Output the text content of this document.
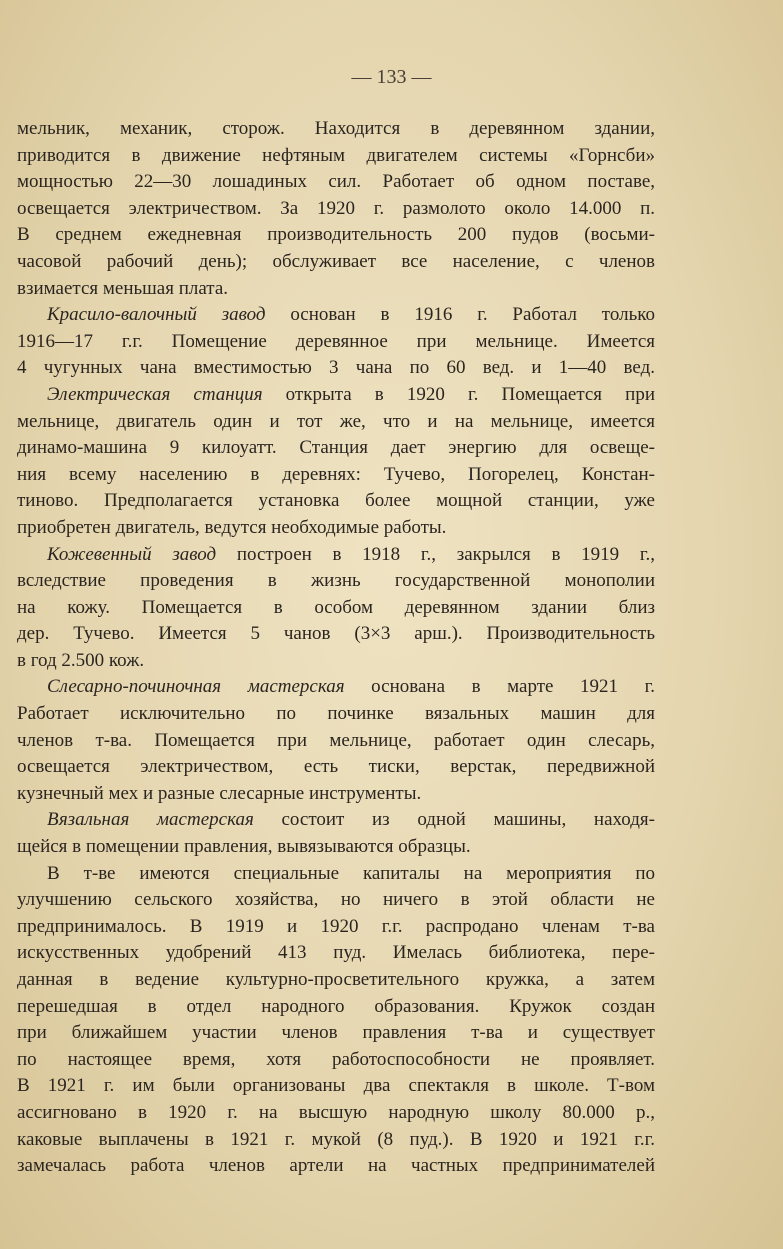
— 133 —
мельник, механик, сторож. Находится в деревянном здании,
приводится в движение нефтяным двигателем системы «Горнсби»
мощностью 22—30 лошадиных сил. Работает об одном поставе,
освещается электричеством. За 1920 г. размолото около 14.000 п.
В среднем ежедневная производительность 200 пудов (восьми-
часовой рабочий день); обслуживает все население, с членов
взимается меньшая плата.
Красило-валочный завод основан в 1916 г. Работал только
1916—17 г.г. Помещение деревянное при мельнице. Имеется
4 чугунных чана вместимостью 3 чана по 60 вед. и 1—40 вед.
Электрическая станция открыта в 1920 г. Помещается при
мельнице, двигатель один и тот же, что и на мельнице, имеется
динамо-машина 9 килоуатт. Станция дает энергию для освеще-
ния всему населению в деревнях: Тучево, Погорелец, Констан-
тиново. Предполагается установка более мощной станции, уже
приобретен двигатель, ведутся необходимые работы.
Кожевенный завод построен в 1918 г., закрылся в 1919 г.,
вследствие проведения в жизнь государственной монополии
на кожу. Помещается в особом деревянном здании близ
дер. Тучево. Имеется 5 чанов (3×3 арш.). Производительность
в год 2.500 кож.
Слесарно-починочная мастерская основана в марте 1921 г.
Работает исключительно по починке вязальных машин для
членов т-ва. Помещается при мельнице, работает один слесарь,
освещается электричеством, есть тиски, верстак, передвижной
кузнечный мех и разные слесарные инструменты.
Вязальная мастерская состоит из одной машины, находя-
щейся в помещении правления, вывязываются образцы.
В т-ве имеются специальные капиталы на мероприятия по
улучшению сельского хозяйства, но ничего в этой области не
предпринималось. В 1919 и 1920 г.г. распродано членам т-ва
искусственных удобрений 413 пуд. Имелась библиотека, пере-
данная в ведение культурно-просветительного кружка, а затем
перешедшая в отдел народного образования. Кружок создан
при ближайшем участии членов правления т-ва и существует
по настоящее время, хотя работоспособности не проявляет.
В 1921 г. им были организованы два спектакля в школе. Т-вом
ассигновано в 1920 г. на высшую народную школу 80.000 р.,
каковые выплачены в 1921 г. мукой (8 пуд.). В 1920 и 1921 г.г.
замечалась работа членов артели на частных предпринимателей
